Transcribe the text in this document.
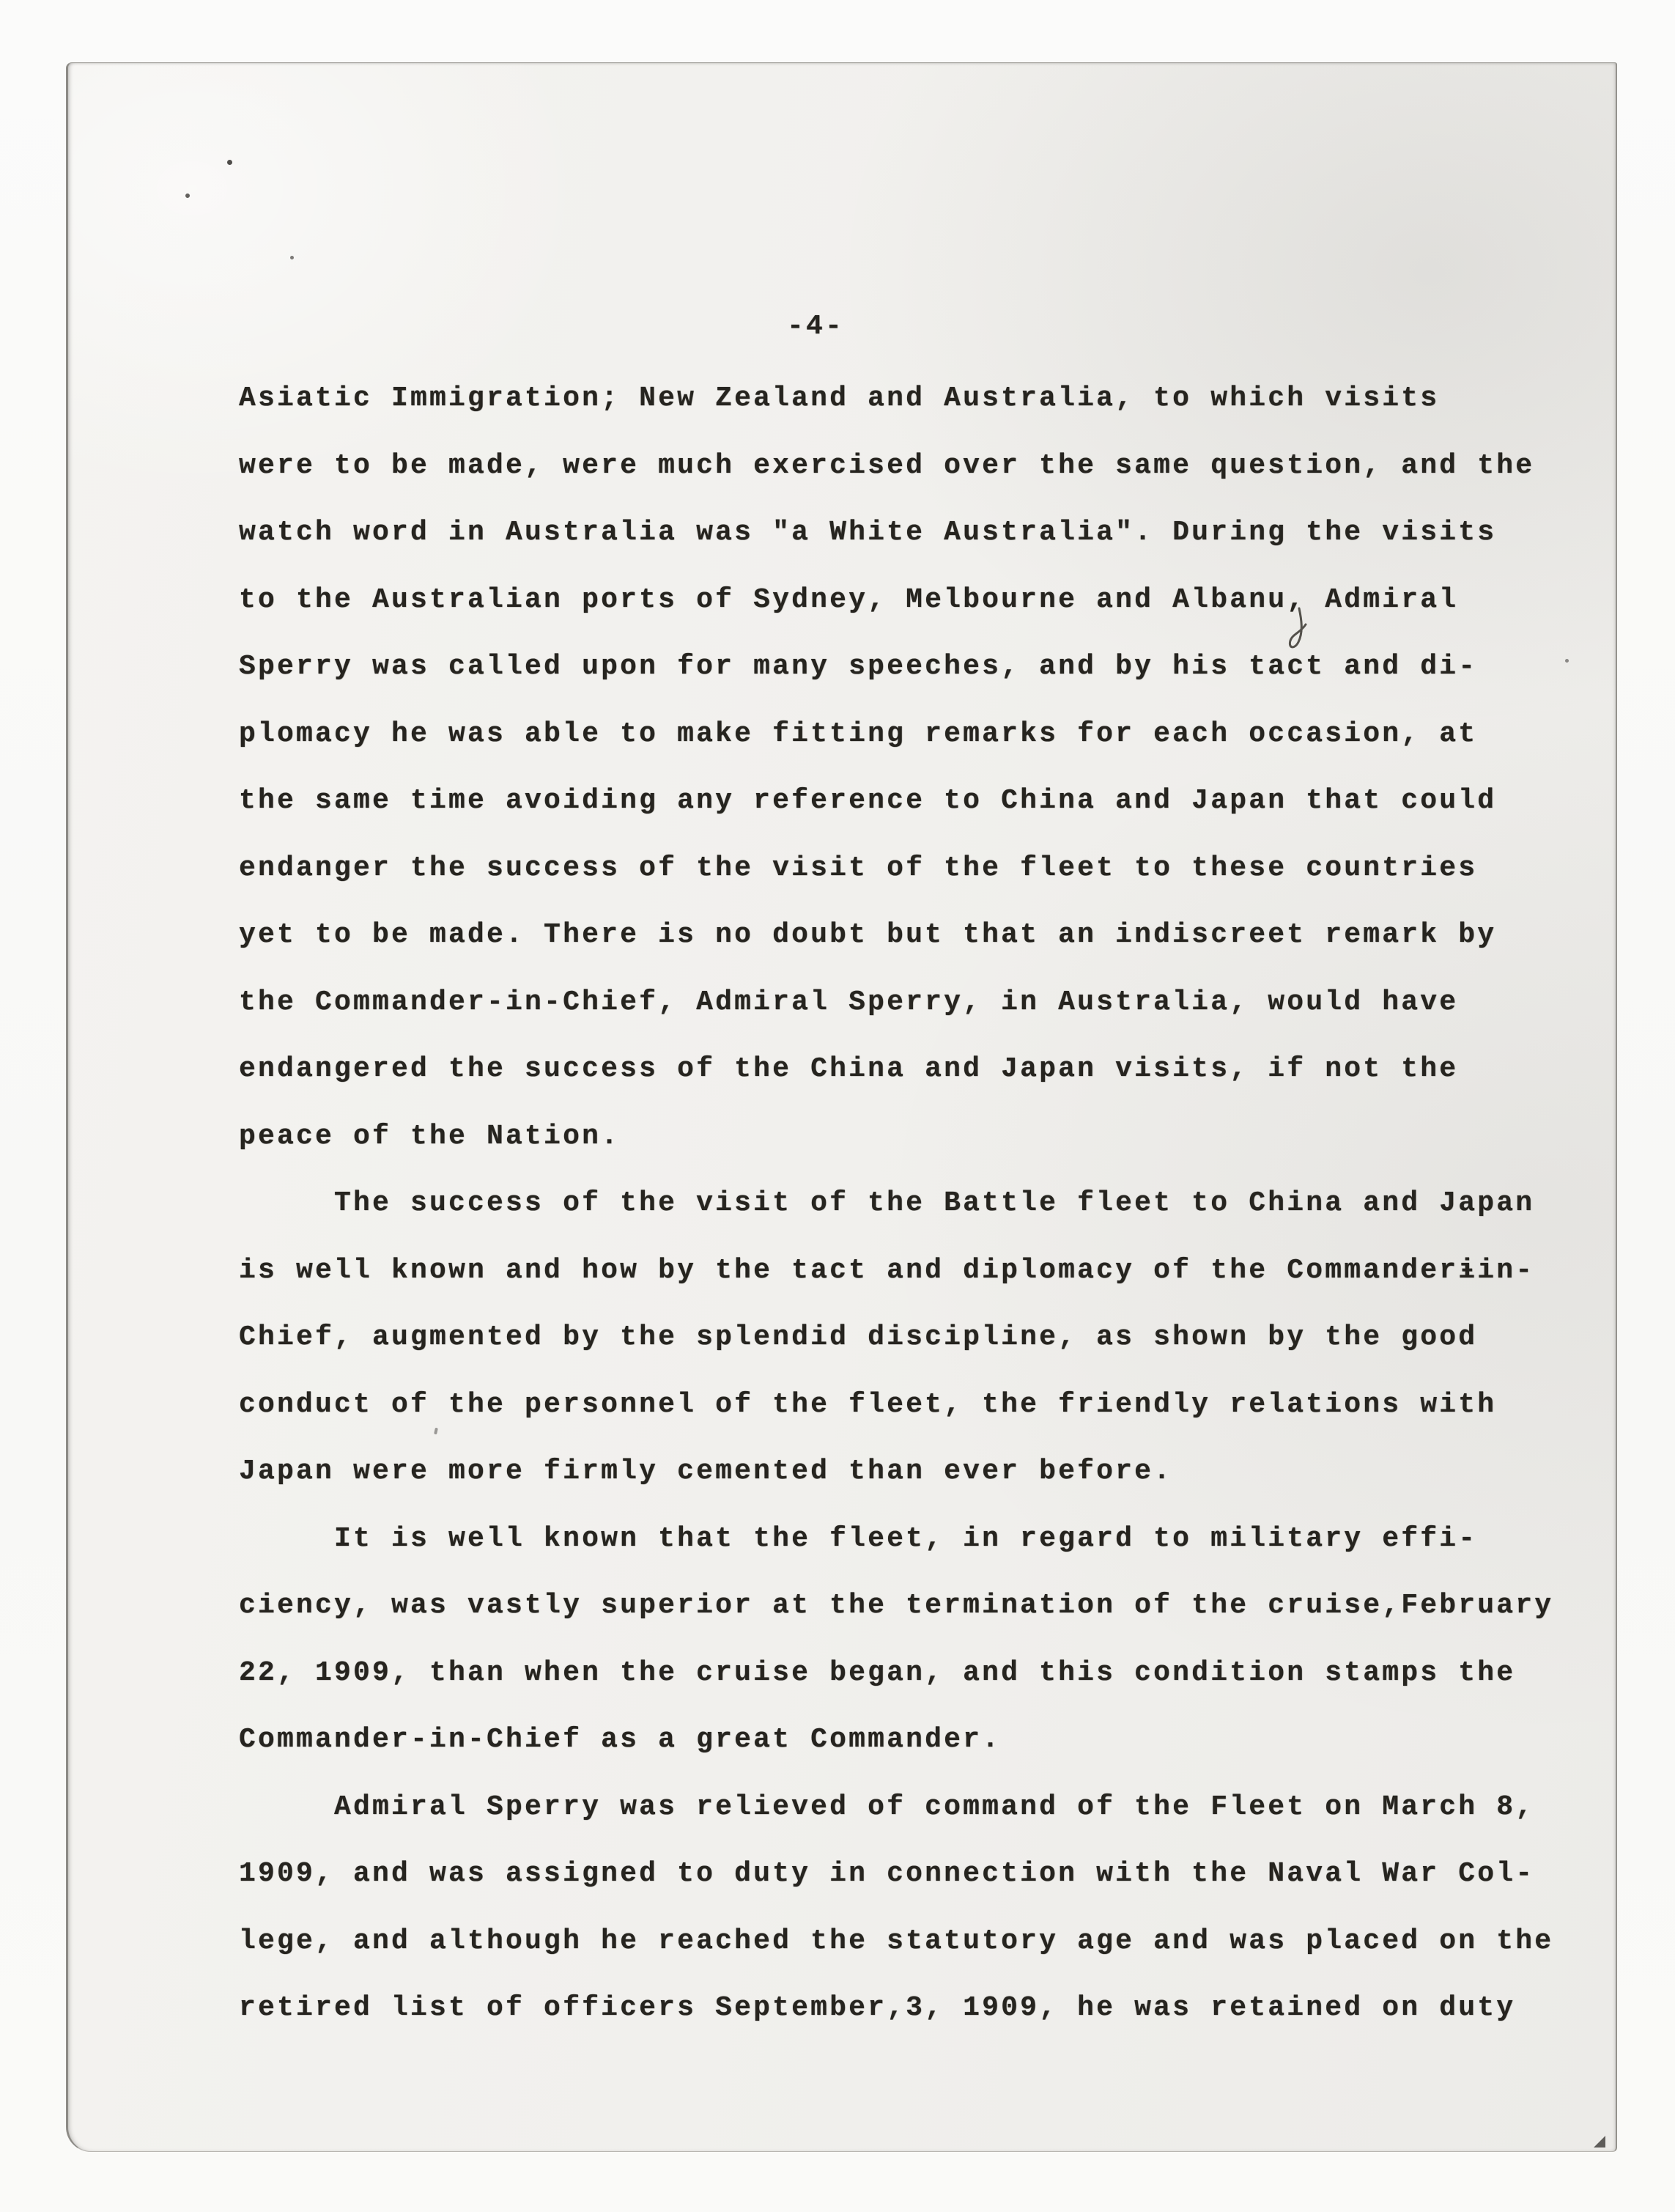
-4-
Asiatic Immigration; New Zealand and Australia, to which visits
were to be made, were much exercised over the same question, and the
watch word in Australia was "a White Australia". During the visits
to the Australian ports of Sydney, Melbourne and Albanu, Admiral
Sperry was called upon for many speeches, and by his tact and di-
plomacy he was able to make fitting remarks for each occasion, at
the same time avoiding any reference to China and Japan that could
endanger the success of the visit of the fleet to these countries
yet to be made. There is no doubt but that an indiscreet remark by
the Commander-in-Chief, Admiral Sperry, in Australia, would have
endangered the success of the China and Japan visits, if not the
peace of the Nation.
The success of the visit of the Battle fleet to China and Japan
is well known and how by the tact and diplomacy of the Commanderɨin-
Chief, augmented by the splendid discipline, as shown by the good
conduct of the personnel of the fleet, the friendly relations with
Japan were more firmly cemented than ever before.
It is well known that the fleet, in regard to military effi-
ciency, was vastly superior at the termination of the cruise,February
22, 1909, than when the cruise began, and this condition stamps the
Commander-in-Chief as a great Commander.
Admiral Sperry was relieved of command of the Fleet on March 8,
1909, and was assigned to duty in connection with the Naval War Col-
lege, and although he reached the statutory age and was placed on the
retired list of officers September,3, 1909, he was retained on duty
